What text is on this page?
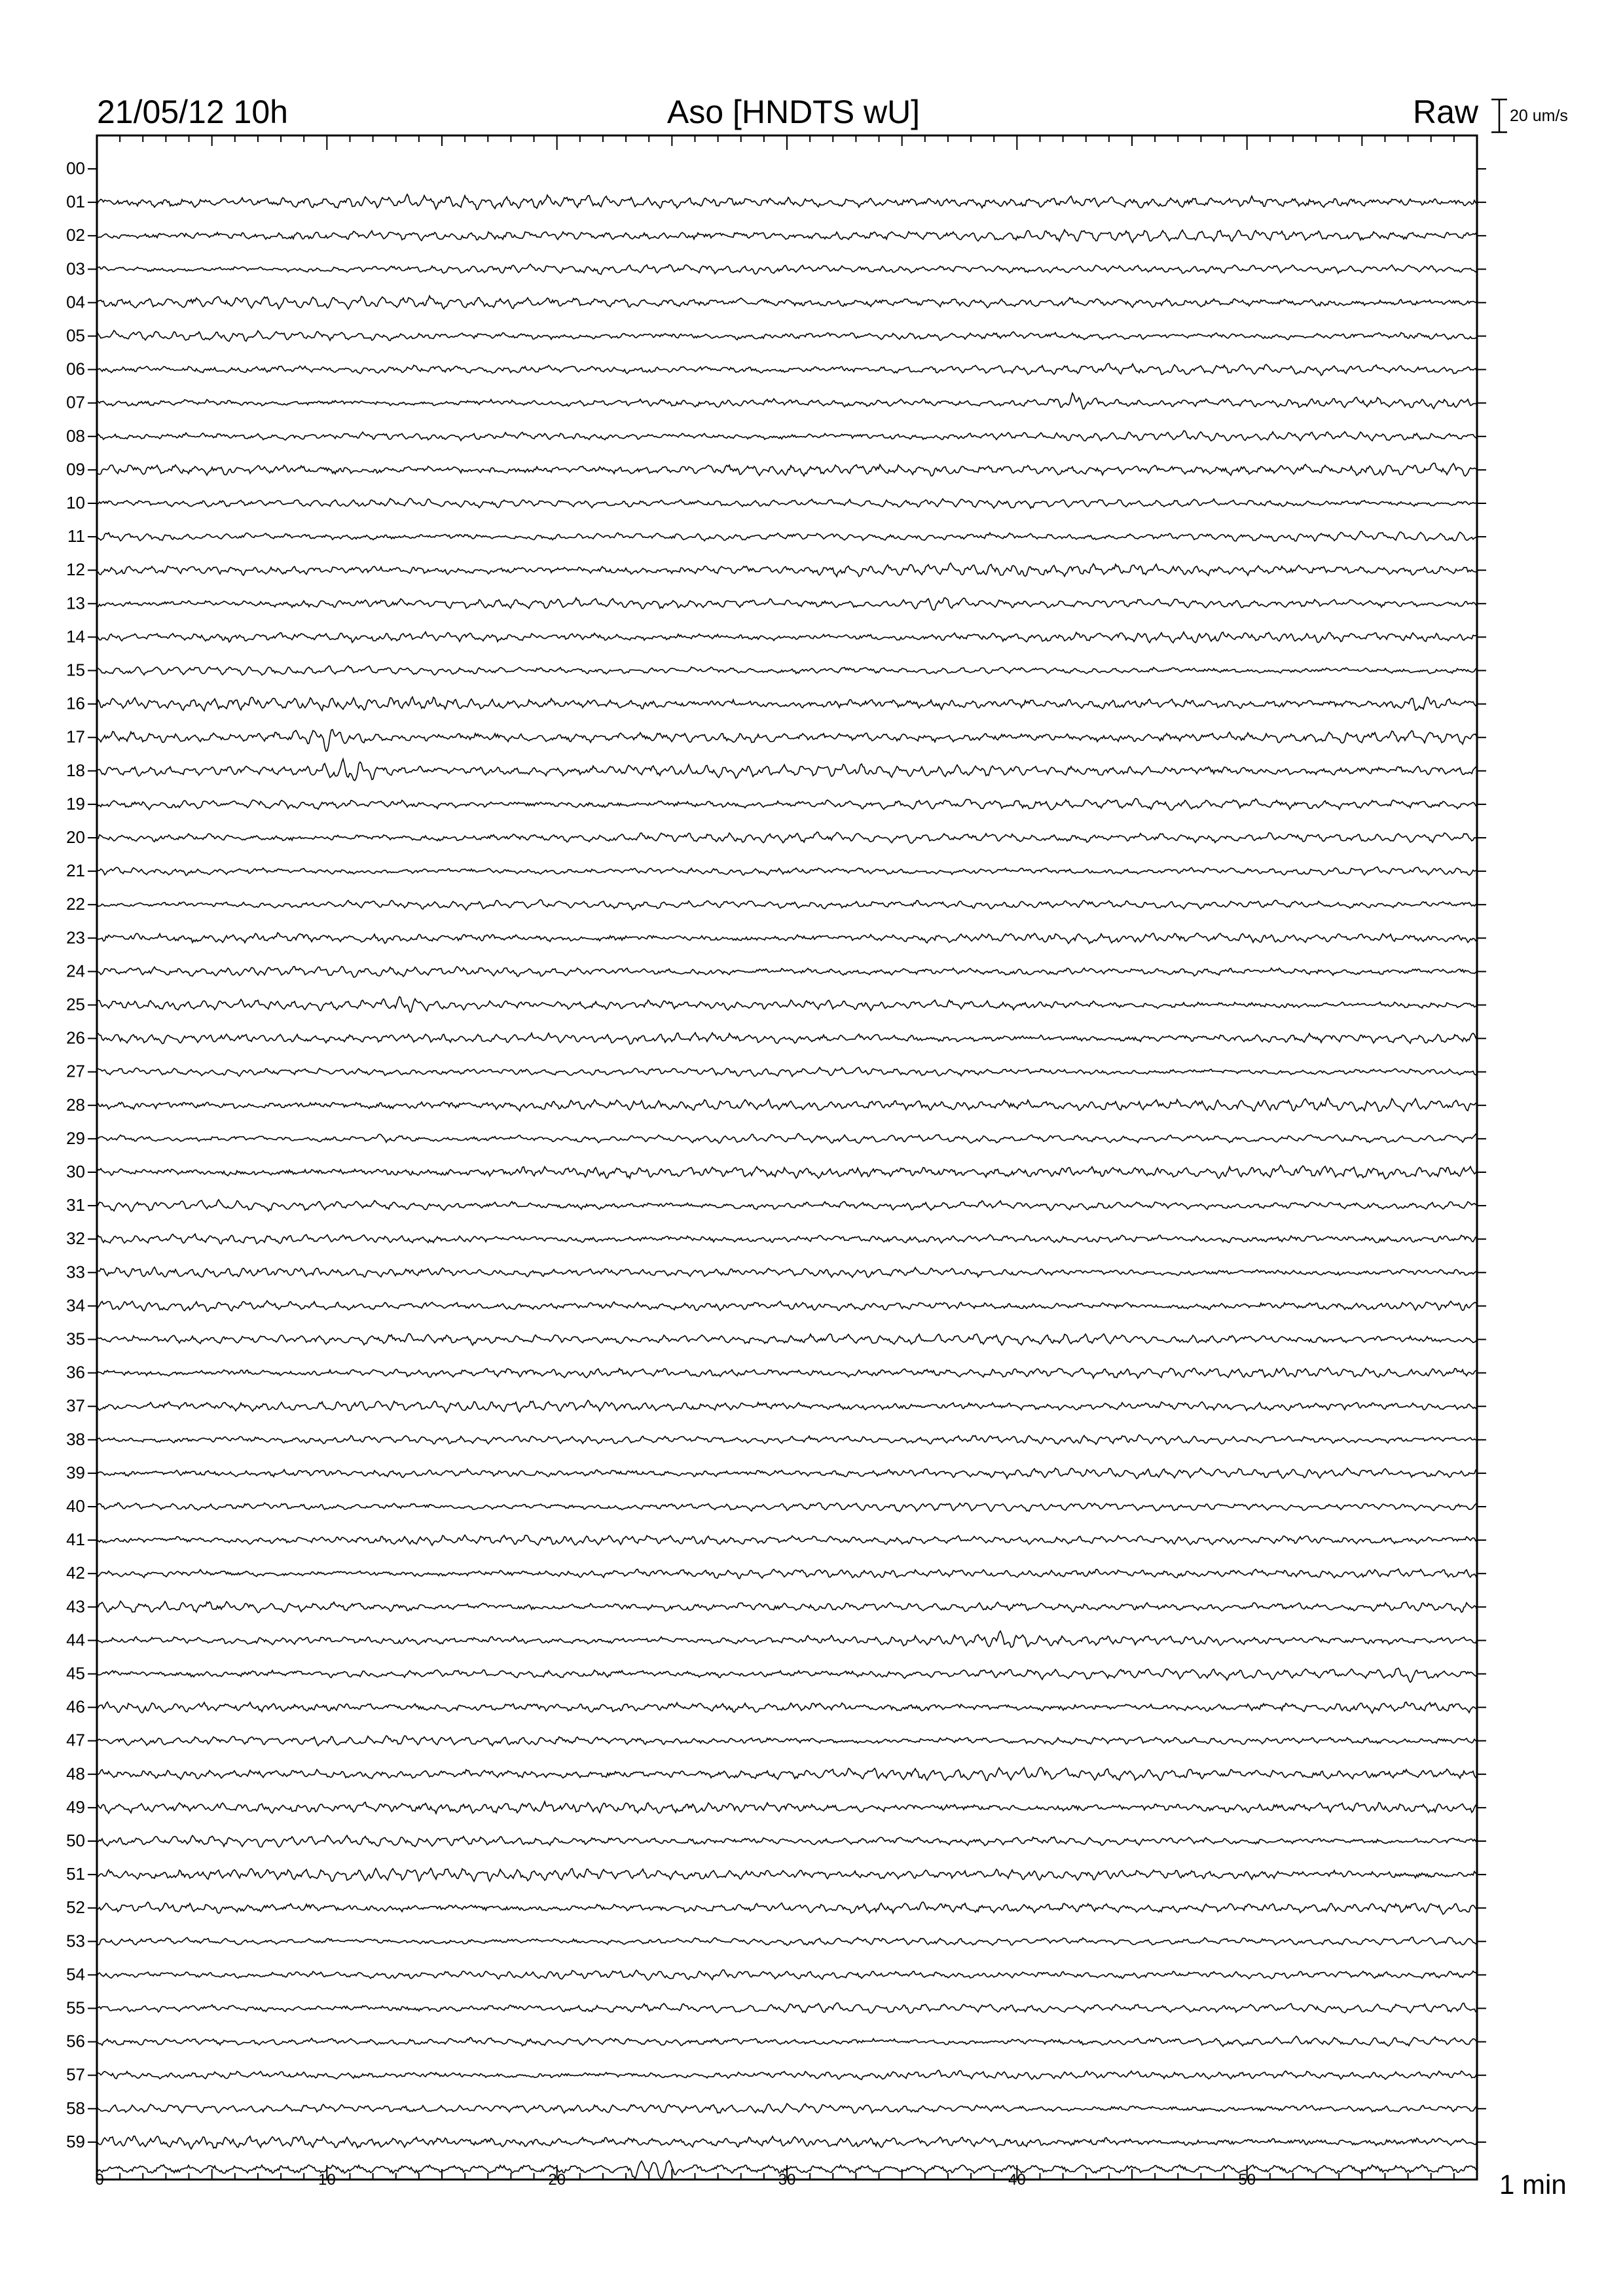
21/05/12 10h	Aso [HNDTS wU]	Raw 20 um/s
00
01
02
03
04
05
06
07
08
09
10
11
12
13
14
15
16
17
18
19
20
21
22
23
24
25
26
27
28
29
30
31
32
33
34
35
36
37
38
39
40
41
42
43
44
45
46
47
48
49
50
51
52
53
54
55
56
57
58
59
0	10	20	30	40	50	1 min
